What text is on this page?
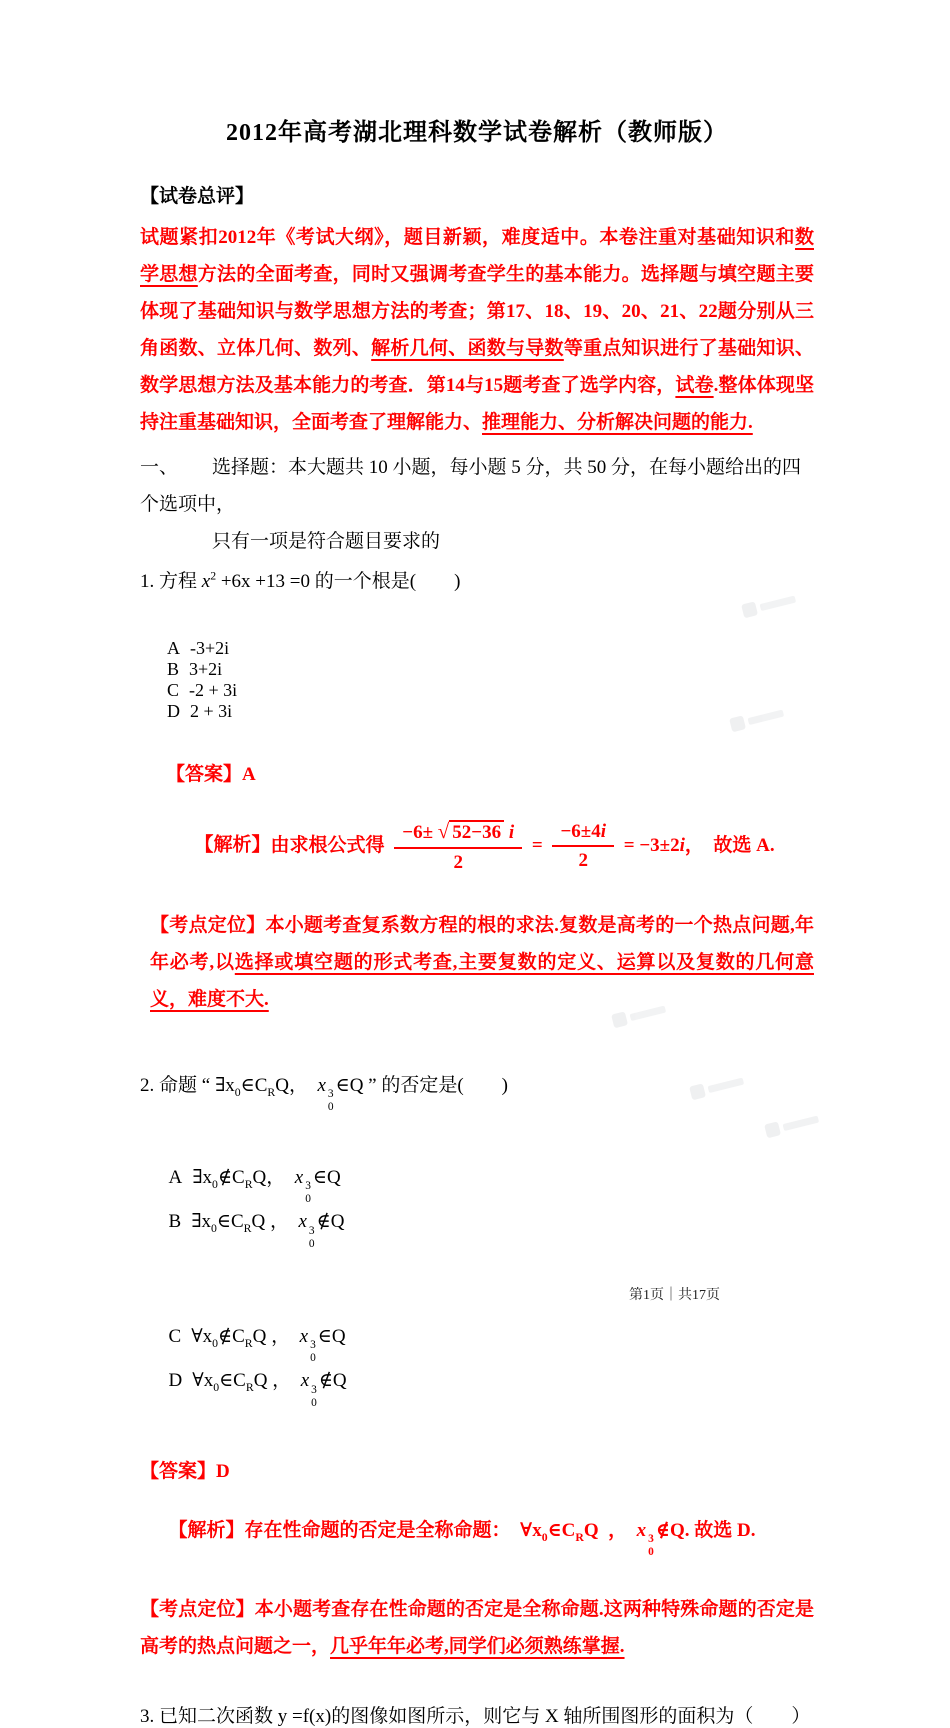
2012年高考湖北理科数学试卷解析（教师版）
【试卷总评】

试题紧扣2012年《考试大纲》，题目新颖，难度适中。本卷注重对基础知识和数学思想方法的全面考查，同时又强调考查学生的基本能力。选择题与填空题主要体现了基础知识与数学思想方法的考查；第17、18、19、20、21、22题分别从三角函数、立体几何、数列、解析几何、函数与导数等重点知识进行了基础知识、数学思想方法及基本能力的考查．第14与15题考查了选学内容，试卷.整体体现坚持注重基础知识，全面考查了理解能力、推理能力、分析解决问题的能力.

一、 选择题：本大题共 10 小题，每小题 5 分，共 50 分，在每小题给出的四个选项中，
只有一项是符合题目要求的
1. 方程 $x^2 +6x +13 =0$ 的一个根是(        )

A -3+2i
B 3+2i
C -2 + 3i
D 2 + 3i

【答案】A

【解析】由求根公式得 $\frac{-6\pm √ 52-36 i}{2} = \frac{-6\pm 4i}{2} = -3\pm 2i$，  故选 A.

【考点定位】本小题考查复系数方程的根的求法.复数是高考的一个热点问题,年年必考,以选择或填空题的形式考查,主要复数的定义、运算以及复数的几何意义，难度不大.

2. 命题 “ $\exists x_0\in C_RQ$，  x 3
0
∈Q ” 的否定是(        )

A $\exists x_0\notin C_RQ$，  x 3
0
∈Q
B $\exists x_0\in C_RQ$ ，  x 3
0
∉Q

C $\forall x_0\notin C_RQ$ ，  x 3
0
∈Q
D $\forall x_0\in C_RQ$ ，  x 3
0
∉Q

【答案】D

【解析】存在性命题的否定是全称命题：  $\forall x_0\in C_RQ$  ，  x 3
0
∉Q. 故选 D.

【考点定位】本小题考查存在性命题的否定是全称命题.这两种特殊命题的否定是高考的热点问题之一，几乎年年必考,同学们必须熟练掌握.

3. 已知二次函数 y =f(x)的图像如图所示，则它与 X 轴所围图形的面积为（        ）
第1页｜共17页
